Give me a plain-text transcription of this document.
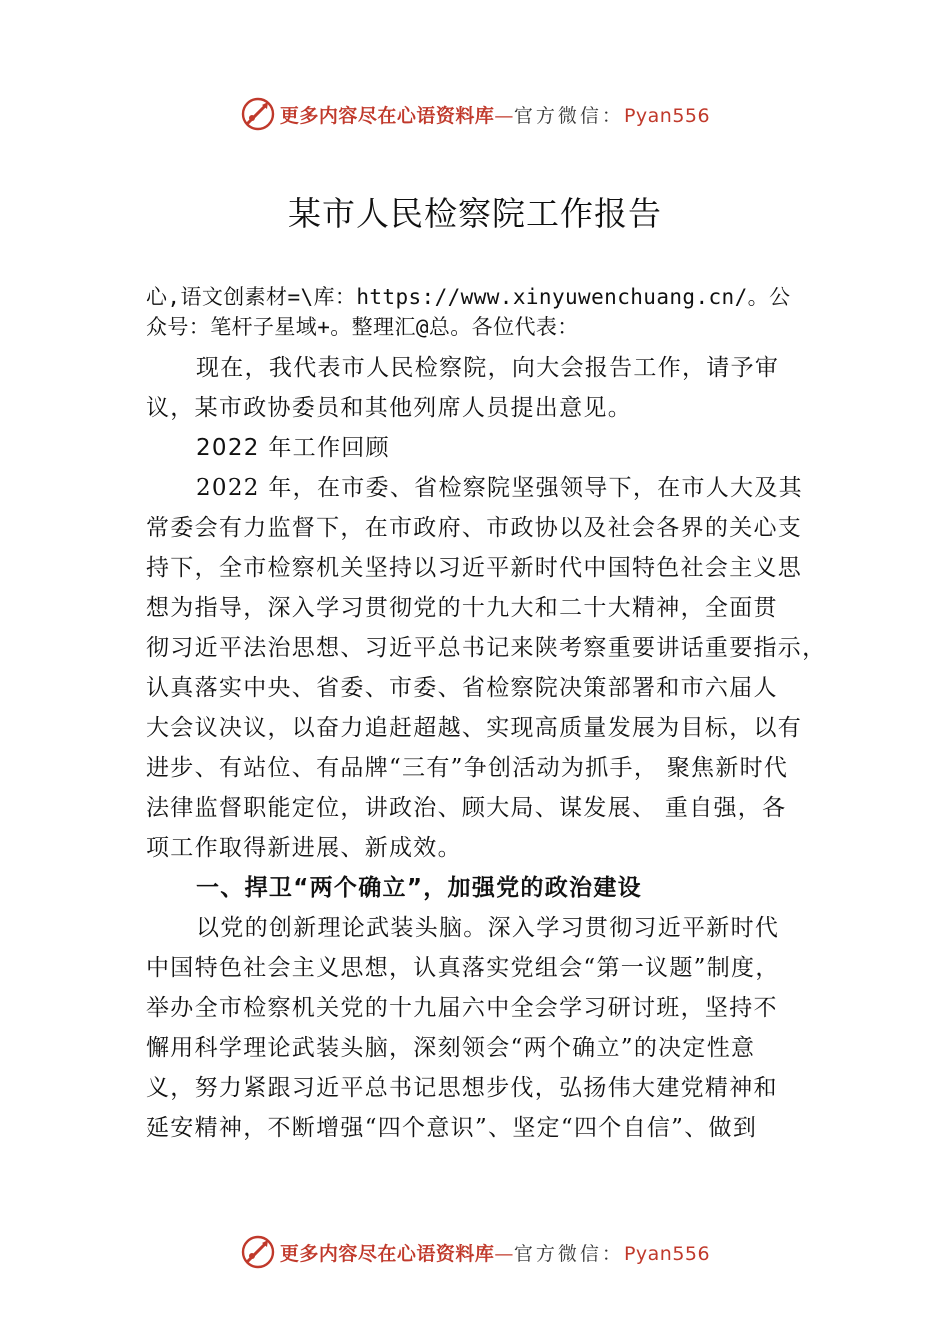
更多内容尽在心语资料库—官方微信：Pyan556
某市人民检察院工作报告
心,语文创素材=\库：https://www.xinyuwenchuang.cn/。公
众号：笔杆子星域+。整理汇@总。各位代表：
现在，我代表市人民检察院，向大会报告工作，请予审
议，某市政协委员和其他列席人员提出意见。
2022 年工作回顾
2022 年，在市委、省检察院坚强领导下，在市人大及其
常委会有力监督下，在市政府、市政协以及社会各界的关心支
持下，全市检察机关坚持以习近平新时代中国特色社会主义思
想为指导，深入学习贯彻党的十九大和二十大精神，全面贯
彻习近平法治思想、习近平总书记来陕考察重要讲话重要指示，
认真落实中央、省委、市委、省检察院决策部署和市六届人
大会议决议，以奋力追赶超越、实现高质量发展为目标，以有
进步、有站位、有品牌“三有”争创活动为抓手， 聚焦新时代
法律监督职能定位，讲政治、顾大局、谋发展、 重自强，各
项工作取得新进展、新成效。
一、捍卫“两个确立”，加强党的政治建设
以党的创新理论武装头脑。深入学习贯彻习近平新时代
中国特色社会主义思想，认真落实党组会“第一议题”制度，
举办全市检察机关党的十九届六中全会学习研讨班，坚持不
懈用科学理论武装头脑，深刻领会“两个确立”的决定性意
义，努力紧跟习近平总书记思想步伐，弘扬伟大建党精神和
延安精神，不断增强“四个意识”、坚定“四个自信”、做到
更多内容尽在心语资料库—官方微信：Pyan556
